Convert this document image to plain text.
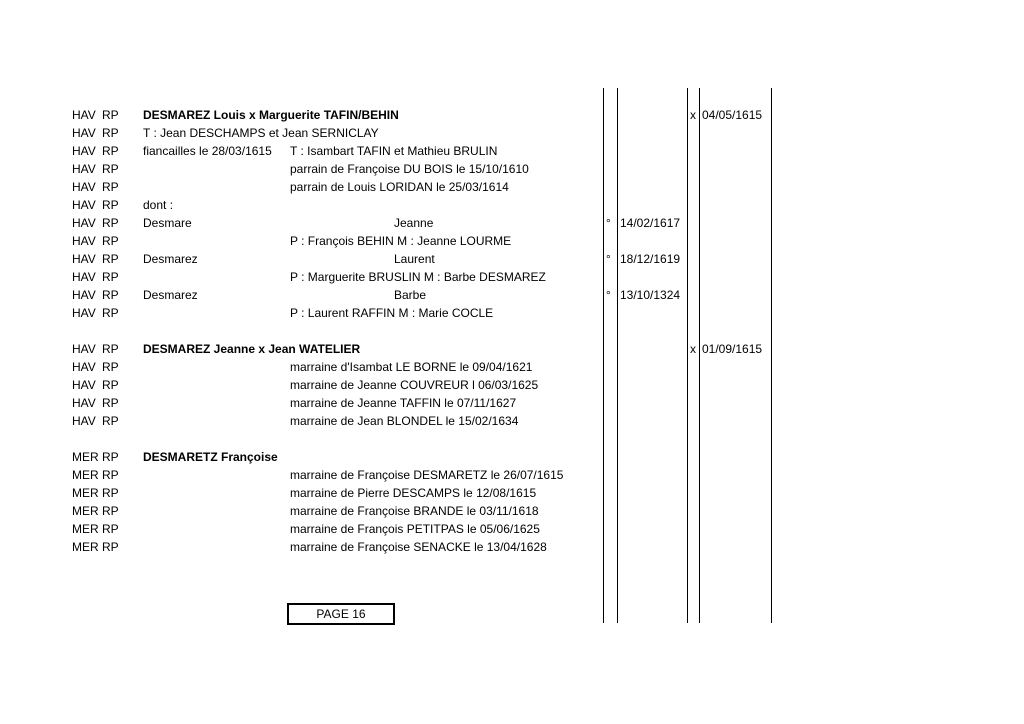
HAV RP DESMAREZ Louis x Marguerite TAFIN/BEHIN	x 04/05/1615
HAV RP T : Jean DESCHAMPS et Jean SERNICLAY
HAV RP fiancailles le 28/03/1615 T : Isambart TAFIN et Mathieu BRULIN
HAV RP	parrain de Françoise DU BOIS le 15/10/1610
HAV RP	parrain de Louis LORIDAN le 25/03/1614
HAV RP dont :
HAV RP Desmare	Jeanne	° 14/02/1617
HAV RP	P : François BEHIN M : Jeanne LOURME
HAV RP Desmarez	Laurent	° 18/12/1619
HAV RP	P : Marguerite BRUSLIN M : Barbe DESMAREZ
HAV RP Desmarez	Barbe	° 13/10/1324
HAV RP	P : Laurent RAFFIN M : Marie COCLE
HAV RP DESMAREZ Jeanne x Jean WATELIER	x 01/09/1615
HAV RP	marraine d'Isambat LE BORNE le 09/04/1621
HAV RP	marraine de Jeanne COUVREUR l 06/03/1625
HAV RP	marraine de Jeanne TAFFIN le 07/11/1627
HAV RP	marraine de Jean BLONDEL le 15/02/1634
MER RP DESMARETZ Françoise
MER RP	marraine de Françoise DESMARETZ le 26/07/1615
MER RP	marraine de Pierre DESCAMPS le 12/08/1615
MER RP	marraine de Françoise BRANDE le 03/11/1618
MER RP	marraine de François PETITPAS le 05/06/1625
MER RP	marraine de Françoise SENACKE le 13/04/1628
PAGE 16
